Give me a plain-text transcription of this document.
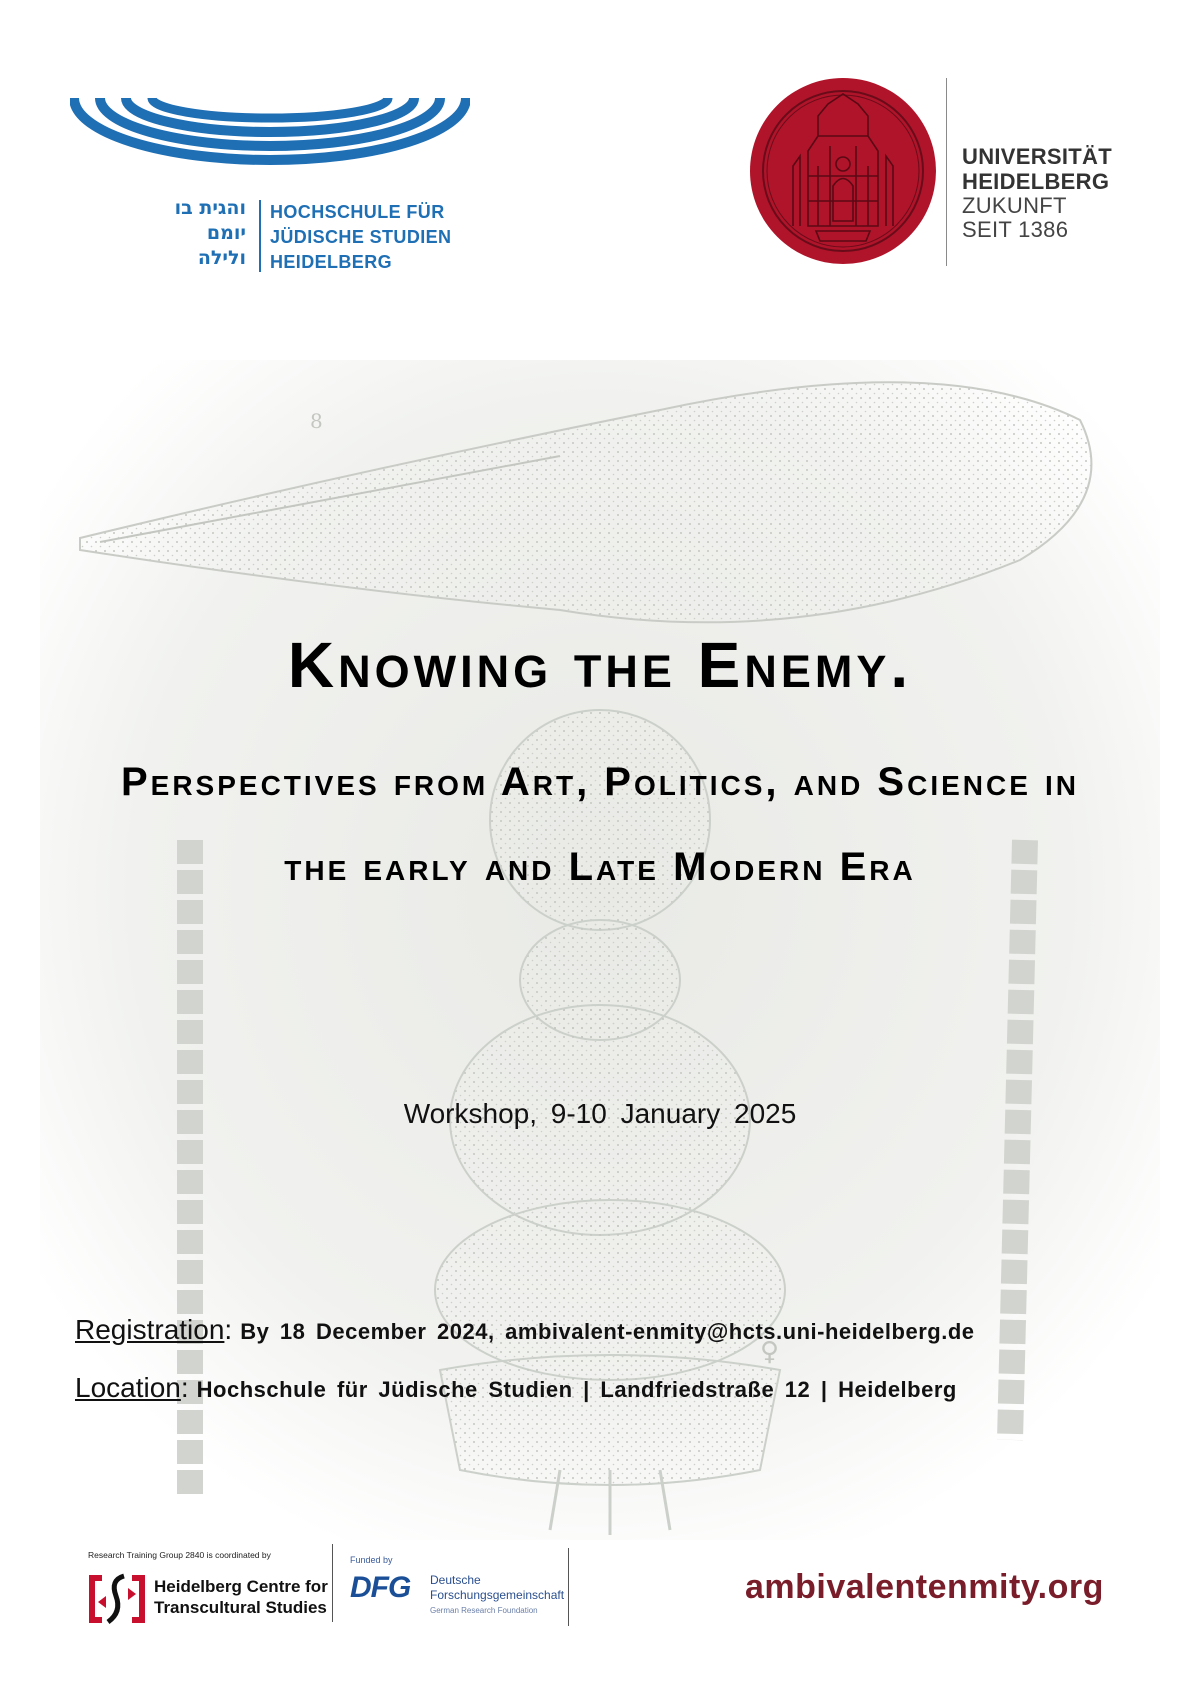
והגית בו
יומם
ולילה
HOCHSCHULE FÜR
JÜDISCHE STUDIEN
HEIDELBERG
UNIVERSITÄT
HEIDELBERG
ZUKUNFT
SEIT 1386
8
♀
Knowing the Enemy.
Perspectives from Art, Politics, and Science in the early and Late Modern Era
Workshop, 9-10 January 2025
Registration: By 18 December 2024, ambivalent-enmity@hcts.uni-heidelberg.de
Location: Hochschule für Jüdische Studien | Landfriedstraße 12 | Heidelberg
Research Training Group 2840 is coordinated by
Heidelberg Centre for
Transcultural Studies
Funded by
DFG Deutsche
Forschungsgemeinschaft
German Research Foundation
ambivalentenmity.org
